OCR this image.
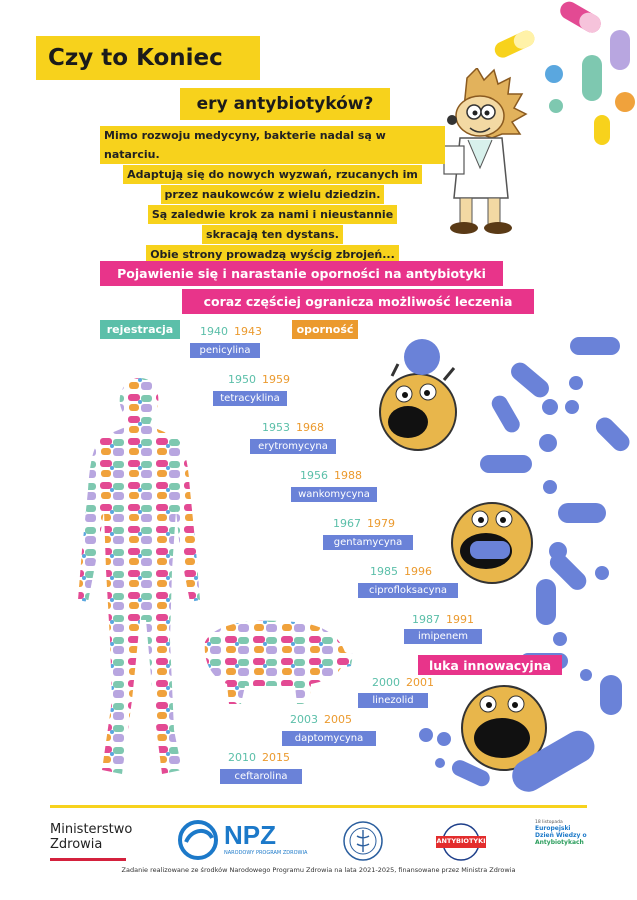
Czy to Koniec
ery antybiotyków?
Mimo rozwoju medycyny, bakterie nadal są w natarciu.
Adaptują się do nowych wyzwań, rzucanych im
przez naukowców z wielu dziedzin.
Są zaledwie krok za nami i nieustannie
skracają ten dystans.
Obie strony prowadzą wyścig zbrojeń...
Pojawienie się i narastanie oporności na antybiotyki
coraz częściej ogranicza możliwość leczenia
rejestracja	oporność
1940 1943
penicylina
1950 1959
tetracyklina
1953 1968
erytromycyna
1956 1988
wankomycyna
1967 1979
gentamycyna
1985 1996
ciprofloksacyna
1987 1991
imipenem
2000 2001
linezolid
2003 2005
daptomycyna
2010 2015
ceftarolina
luka innowacyjna
Ministerstwo
Zdrowia	NPZ
NARODOWY PROGRAM ZDROWIA
ANTYBIOTYKI
18 listopada
Europejski
Dzień Wiedzy o
Antybiotykach
Zadanie realizowane ze środków Narodowego Programu Zdrowia na lata 2021-2025, finansowane przez Ministra Zdrowia
